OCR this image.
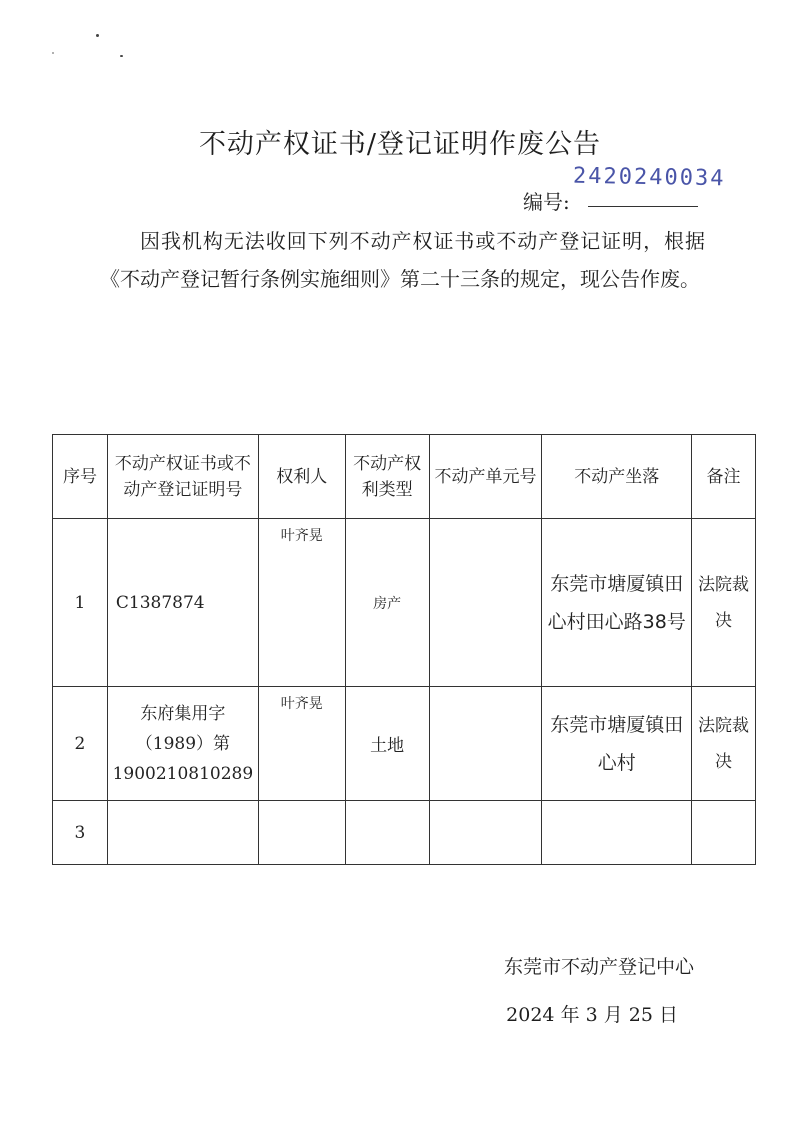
不动产权证书/登记证明作废公告
2420240034
编号:
因我机构无法收回下列不动产权证书或不动产登记证明，根据《不动产登记暂行条例实施细则》第二十三条的规定，现公告作废。
序号	不动产权证书或不动产登记证明号	权利人	不动产权利类型	不动产单元号	不动产坐落	备注
1	C1387874	叶齐晃	房产		东莞市塘厦镇田心村田心路38号	法院裁决
2	东府集用字（1989）第1900210810289	叶齐晃	土地		东莞市塘厦镇田心村	法院裁决
3						
东莞市不动产登记中心
2024 年 3 月 25 日
